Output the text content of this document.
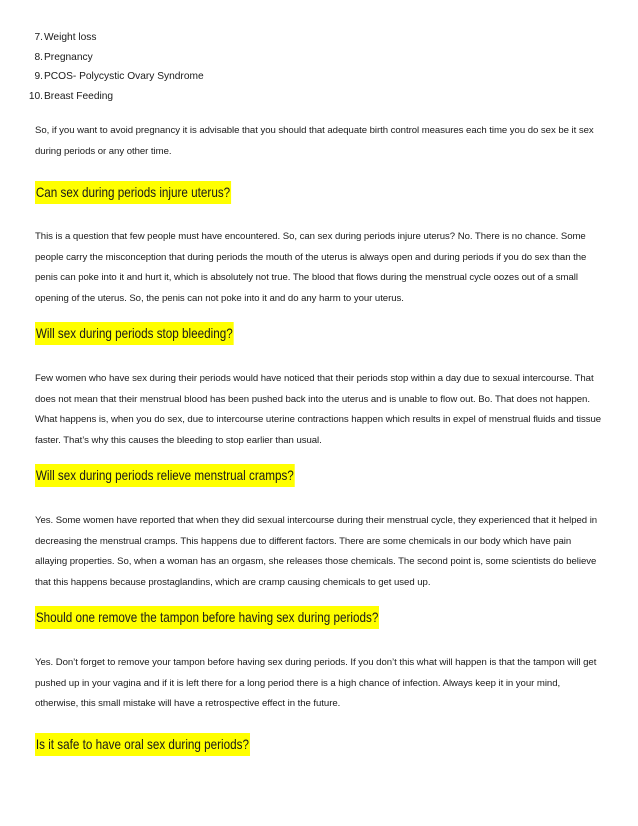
7. Weight loss
8. Pregnancy
9. PCOS- Polycystic Ovary Syndrome
10. Breast Feeding

So, if you want to avoid pregnancy it is advisable that you should that adequate birth control measures each time you do sex be it sex during periods or any other time.

Can sex during periods injure uterus?

This is a question that few people must have encountered. So, can sex during periods injure uterus? No. There is no chance. Some people carry the misconception that during periods the mouth of the uterus is always open and during periods if you do sex than the penis can poke into it and hurt it, which is absolutely not true. The blood that flows during the menstrual cycle oozes out of a small opening of the uterus. So, the penis can not poke into it and do any harm to your uterus.

Will sex during periods stop bleeding?

Few women who have sex during their periods would have noticed that their periods stop within a day due to sexual intercourse. That does not mean that their menstrual blood has been pushed back into the uterus and is unable to flow out. Bo. That does not happen. What happens is, when you do sex, due to intercourse uterine contractions happen which results in expel of menstrual fluids and tissue faster. That’s why this causes the bleeding to stop earlier than usual.

Will sex during periods relieve menstrual cramps?

Yes. Some women have reported that when they did sexual intercourse during their menstrual cycle, they experienced that it helped in decreasing the menstrual cramps. This happens due to different factors. There are some chemicals in our body which have pain allaying properties. So, when a woman has an orgasm, she releases those chemicals. The second point is, some scientists do believe that this happens because prostaglandins, which are cramp causing chemicals to get used up.

Should one remove the tampon before having sex during periods?

Yes. Don’t forget to remove your tampon before having sex during periods. If you don’t this what will happen is that the tampon will get pushed up in your vagina and if it is left there for a long period there is a high chance of infection. Always keep it in your mind, otherwise, this small mistake will have a retrospective effect in the future.

Is it safe to have oral sex during periods?
